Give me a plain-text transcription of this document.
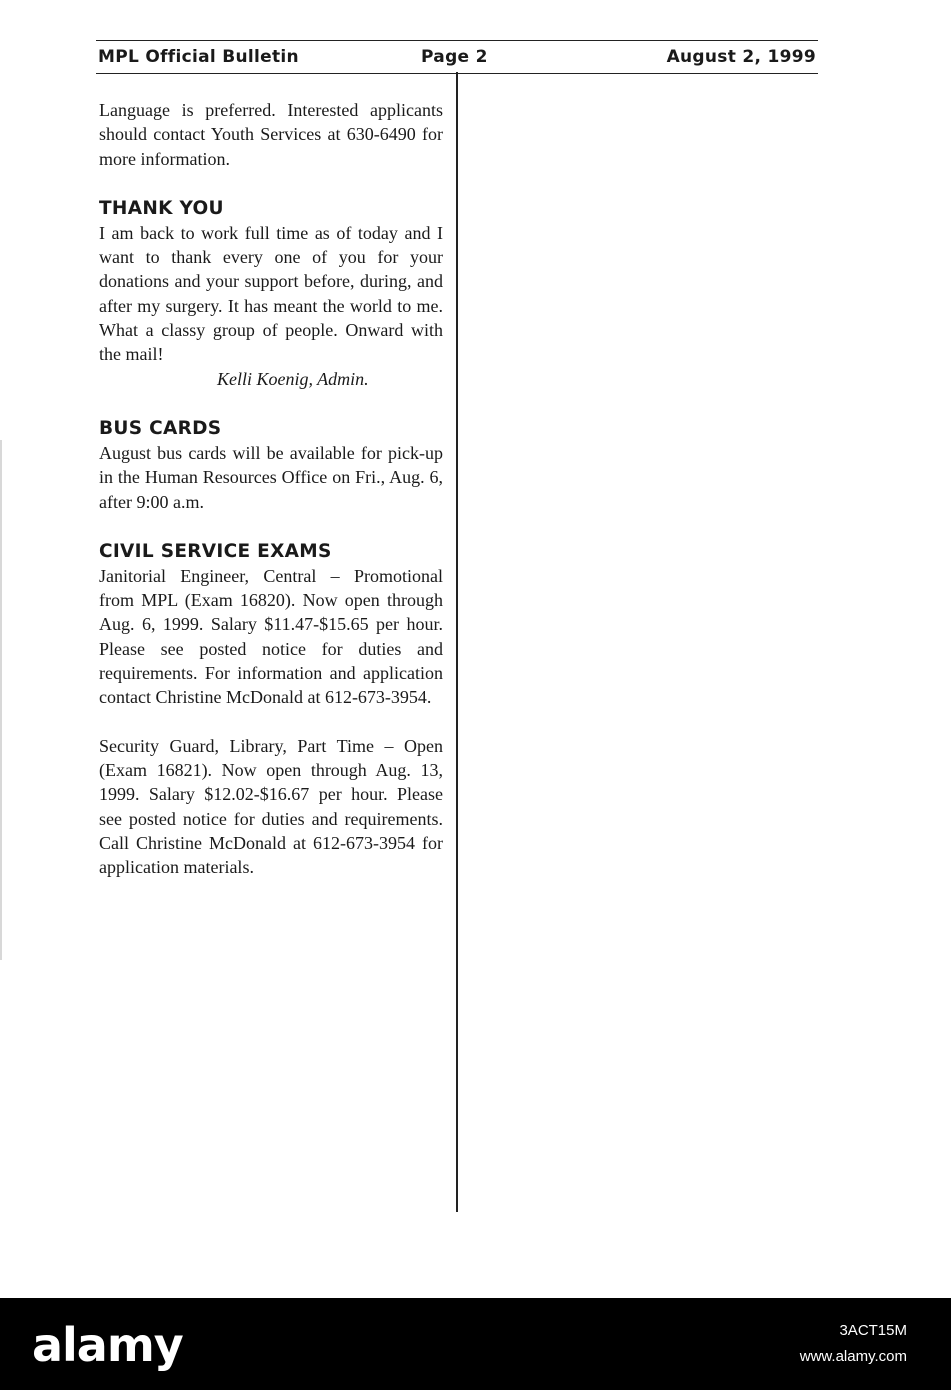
MPL Official Bulletin	Page 2	August 2, 1999

Language is preferred. Interested applicants should contact Youth Services at 630-6490 for more information.

THANK YOU

I am back to work full time as of today and I want to thank every one of you for your donations and your support before, during, and after my surgery. It has meant the world to me. What a classy group of people. Onward with the mail!

Kelli Koenig, Admin.

BUS CARDS

August bus cards will be available for pick-up in the Human Resources Office on Fri., Aug. 6, after 9:00 a.m.

CIVIL SERVICE EXAMS

Janitorial Engineer, Central – Promotional from MPL (Exam 16820). Now open through Aug. 6, 1999. Salary $11.47-$15.65 per hour. Please see posted notice for duties and requirements. For information and application contact Christine McDonald at 612-673-3954.

Security Guard, Library, Part Time – Open (Exam 16821). Now open through Aug. 13, 1999. Salary $12.02-$16.67 per hour. Please see posted notice for duties and requirements. Call Christine McDonald at 612-673-3954 for application materials.

alamy	3ACT15M
www.alamy.com
